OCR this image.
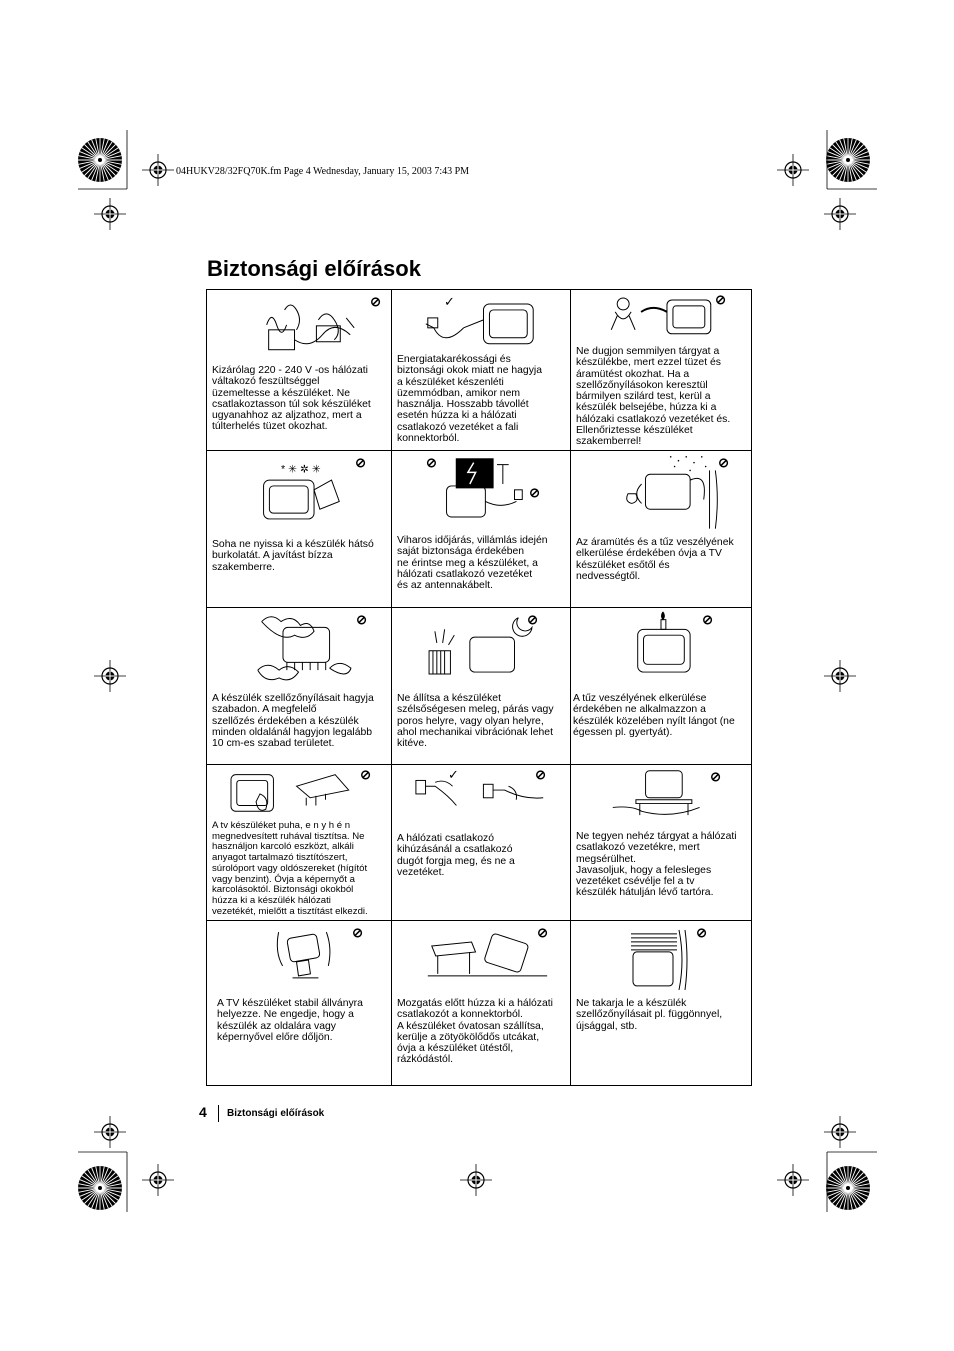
04HUKV28/32FQ70K.fm Page 4 Wednesday, January 15, 2003 7:43 PM
Biztonsági előírások
⊘
Kizárólag 220 - 240 V -os hálózati
váltakozó feszültséggel
üzemeltesse a készüléket. Ne
csatlakoztasson túl sok készüléket
ugyanahhoz az aljzathoz, mert a
túlterhelés tüzet okozhat.
✓
Energiatakarékossági és
biztonsági okok miatt ne hagyja
a készüléket készenléti
üzemmódban, amikor nem
használja. Hosszabb távollét
esetén húzza ki a hálózati
csatlakozó vezetéket a fali
konnektorból.
⊘
Ne dugjon semmilyen tárgyat a
készülékbe, mert ezzel tüzet és
áramütést okozhat. Ha a
szellőzőnyílásokon keresztül
bármilyen szilárd test, kerül a
készülék belsejébe, húzza ki a
hálózaki csatlakozó vezetéket és.
Ellenőriztesse készüléket
szakemberrel!
* ✳ ✲ ✳	⊘
Soha ne nyissa ki a készülék hátsó
burkolatát. A javítást bízza
szakemberre.
⊘
⊘
Viharos időjárás, villámlás idején
saját biztonsága érdekében
ne érintse meg a készüléket, a
hálózati csatlakozó vezetéket
és az antennakábelt.
⊘
Az áramütés és a tűz veszélyének
elkerülése érdekében óvja a TV
készüléket esőtől és
nedvességtől.
⊘
A készülék szellőzőnyílásait hagyja
szabadon. A megfelelő
szellőzés érdekében a készülék
minden oldalánál hagyjon legalább
10 cm-es szabad területet.
⊘
Ne állítsa a készüléket
szélsőségesen meleg, párás vagy
poros helyre, vagy olyan helyre,
ahol mechanikai vibrációnak lehet
kitéve.
⊘
A tűz veszélyének elkerülése
érdekében ne alkalmazzon a
készülék közelében nyílt lángot (ne égessen pl. gyertyát).
⊘
A tv készüléket puha, e n y h é n
megnedvesített ruhával tisztítsa. Ne
használjon karcoló eszközt, alkáli
anyagot tartalmazó tisztítószert,
súrolóport vagy oldószereket (hígítót
vagy benzint). Óvja a képernyőt a
karcolásoktól. Biztonsági okokból
húzza ki a készülék hálózati
vezetékét, mielőtt a tisztítást elkezdi.
✓	⊘
A hálózati csatlakozó
kihúzásánál a csatlakozó
dugót forgja meg, és ne a
vezetéket.
⊘
Ne tegyen nehéz tárgyat a hálózati
csatlakozó vezetékre, mert
megsérülhet.
Javasoljuk, hogy a felesleges
vezetéket csévélje fel a tv
készülék hátulján lévő tartóra.
⊘
A TV készüléket stabil állványra
helyezze. Ne engedje, hogy a
készülék az oldalára vagy
képernyővel előre dőljön.
⊘
Mozgatás előtt húzza ki a hálózati
csatlakozót a konnektorból.
A készüléket óvatosan szállítsa,
kerülje a zötyökölődős utcákat,
óvja a készüléket ütéstől,
rázkódástól.
⊘
Ne takarja le a készülék
szellőzőnyílásait pl. függönnyel,
újsággal, stb.
4 Biztonsági előírások
